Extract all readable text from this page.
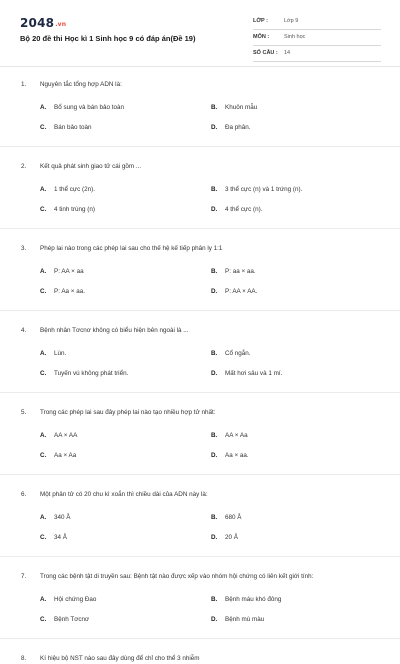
2048.vn
Bộ 20 đề thi Học kì 1 Sinh học 9 có đáp án(Đề 19)
LỚP :	Lớp 9
MÔN :	Sinh học
SỐ CÂU : 14
1. Nguyên tắc tổng hợp ADN là:
A. Bổ sung và bán bảo toàn	B. Khuôn mẫu
C. Bán bảo toàn	D. Đa phân.
2. Kết quả phát sinh giao tử cái gồm ...
A. 1 thể cực (2n).	B. 3 thể cực (n) và 1 trứng (n).
C. 4 tinh trùng (n)	D. 4 thể cực (n).
3. Phép lai nào trong các phép lai sau cho thế hệ kế tiếp phân ly 1:1
A. P: AA × aa	B. P: aa × aa.
C. P: Aa × aa.	D. P: AA × AA.
4. Bệnh nhân Tơcnơ không có biểu hiện bên ngoài là ...
A. Lùn.	B. Cổ ngắn.
C. Tuyến vú không phát triển.	D. Mất hơi sâu và 1 mí.
5. Trong các phép lai sau đây phép lai nào tạo nhiều hợp tử nhất:
A. AA × AA	B. AA × Aa
C. Aa × Aa	D. Aa × aa.
6. Một phân tử có 20 chu kì xoắn thì chiều dài của ADN này là:
A. 340 Å	B. 680 Å
C. 34 Å	D. 20 Å
7. Trong các bệnh tật di truyền sau: Bệnh tật nào được xếp vào nhóm hội chứng có liên kết giới tính:
A. Hội chứng Đao	B. Bệnh máu khó đông
C. Bệnh Tơcnơ	D. Bệnh mù màu
8. Kí hiệu bộ NST nào sau đây dùng để chỉ cho thể 3 nhiễm
